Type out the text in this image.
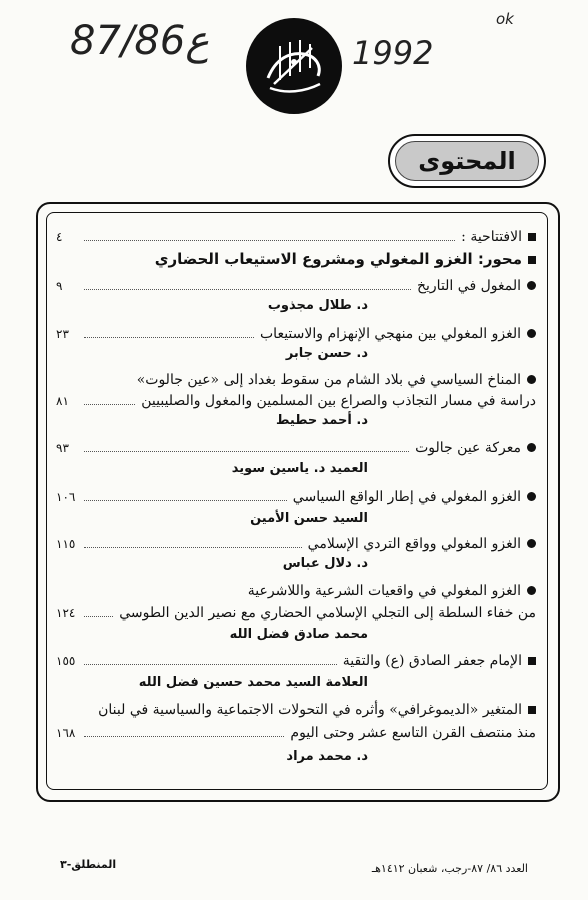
87/86ع	1992
ok
المحتوى
الافتتاحية :
٤
محور: الغزو المغولي ومشروع الاستيعاب الحضاري
المغول في التاريخ
٩
د. طلال مجذوب
الغزو المغولي بين منهجي الإنهزام والاستيعاب
٢٣
د. حسن جابر
المناخ السياسي في بلاد الشام من سقوط بغداد إلى «عين جالوت»
دراسة في مسار التجاذب والصراع بين المسلمين والمغول والصليبيين
٨١
د. أحمد حطيط
معركة عين جالوت
٩٣
العميد د. ياسين سويد
الغزو المغولي في إطار الواقع السياسي
١٠٦
السيد حسن الأمين
الغزو المغولي وواقع التردي الإسلامي
١١٥
د. دلال عباس
الغزو المغولي في واقعيات الشرعية واللاشرعية
من خفاء السلطة إلى التجلي الإسلامي الحضاري مع نصير الدين الطوسي
١٢٤
محمد صادق فضل الله
الإمام جعفر الصادق (ع) والتقية
١٥٥
العلامة السيد محمد حسين فضل الله
المتغير «الديموغرافي» وأثره في التحولات الاجتماعية والسياسية في لبنان
منذ منتصف القرن التاسع عشر وحتى اليوم
١٦٨
د. محمد مراد
المنطلق-٣	العدد ٨٦/ ٨٧-رجب، شعبان ١٤١٢هـ
